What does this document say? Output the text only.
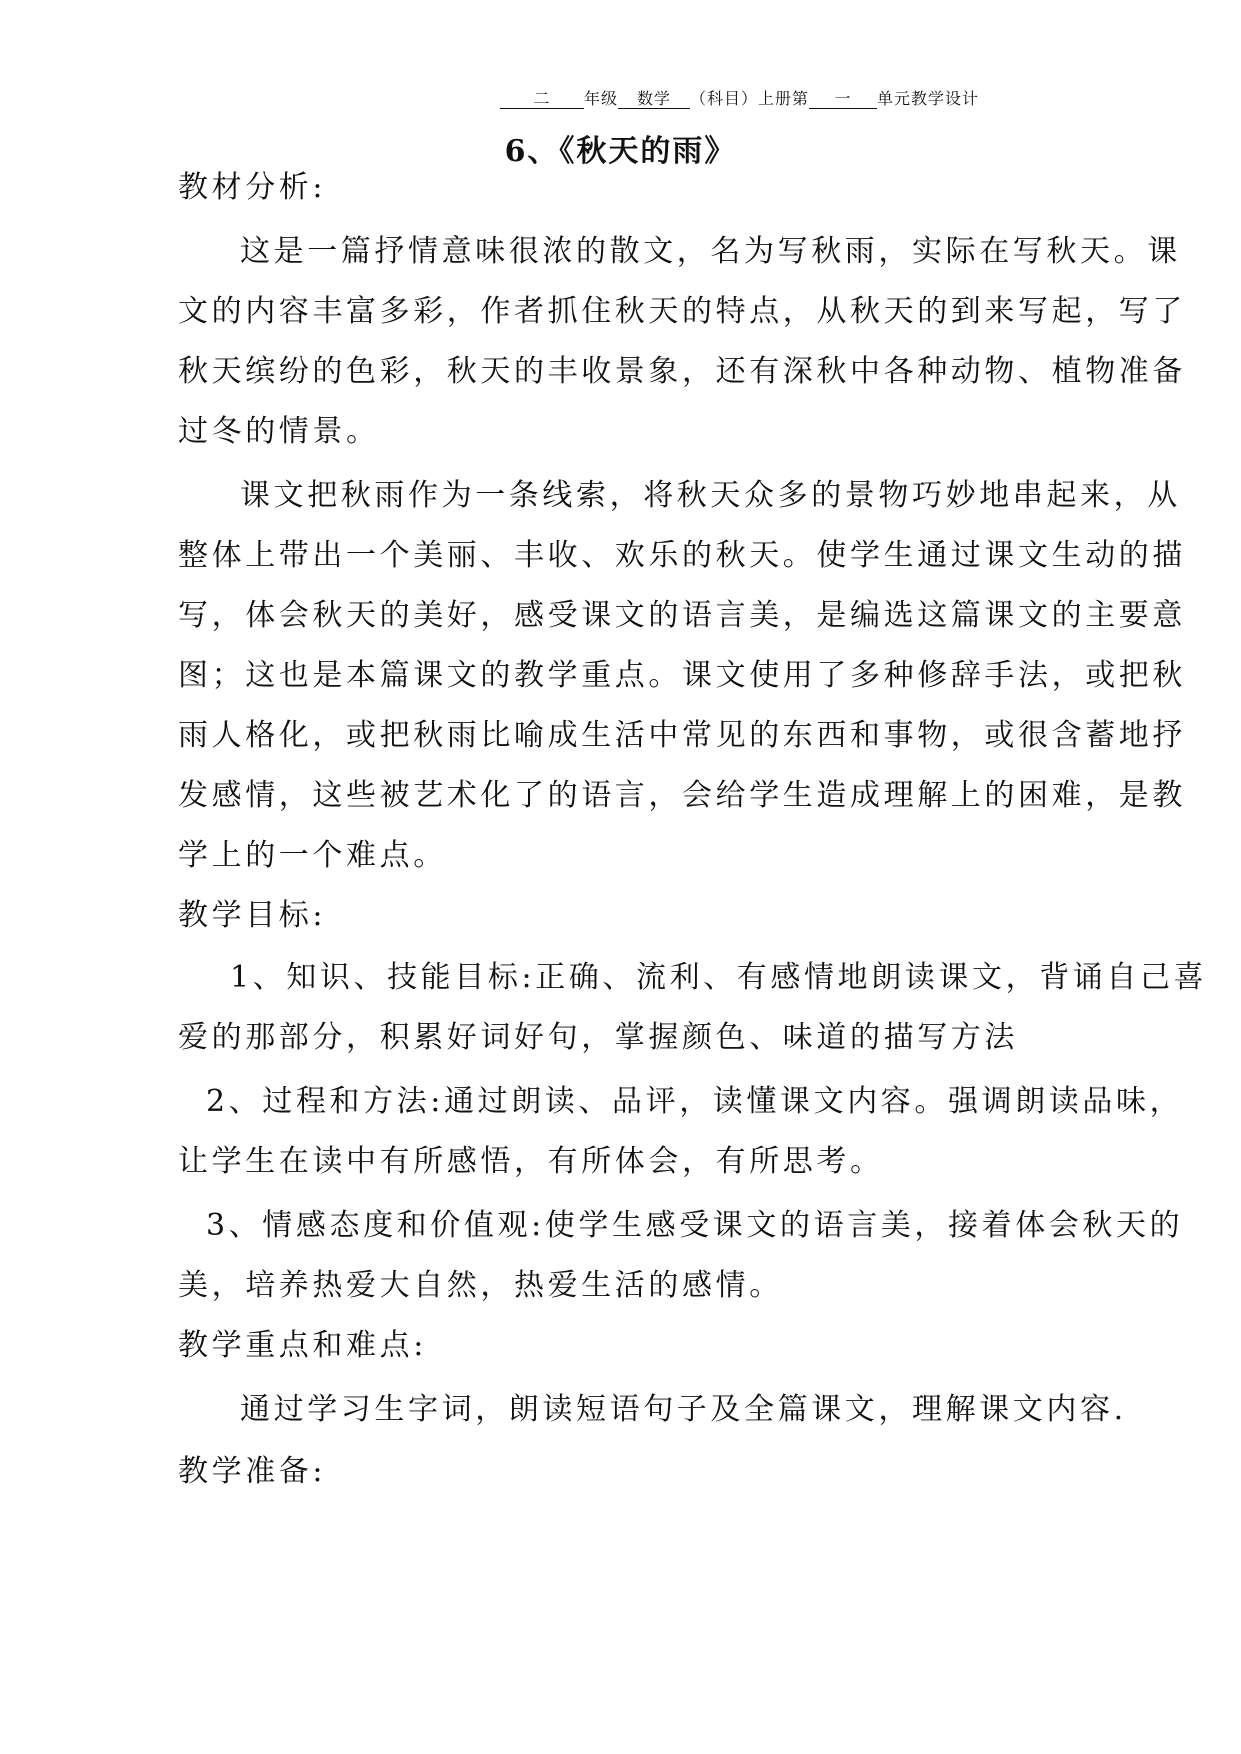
二 年级 数学 （科目）上册第 一 单元教学设计
6、《秋天的雨》
教材分析:
这是一篇抒情意味很浓的散文，名为写秋雨，实际在写秋天。课
文的内容丰富多彩，作者抓住秋天的特点，从秋天的到来写起，写了
秋天缤纷的色彩，秋天的丰收景象，还有深秋中各种动物、植物准备
过冬的情景。
课文把秋雨作为一条线索，将秋天众多的景物巧妙地串起来，从
整体上带出一个美丽、丰收、欢乐的秋天。使学生通过课文生动的描
写，体会秋天的美好，感受课文的语言美，是编选这篇课文的主要意
图；这也是本篇课文的教学重点。课文使用了多种修辞手法，或把秋
雨人格化，或把秋雨比喻成生活中常见的东西和事物，或很含蓄地抒
发感情，这些被艺术化了的语言，会给学生造成理解上的困难，是教
学上的一个难点。
教学目标:
1、知识、技能目标:正确、流利、有感情地朗读课文，背诵自己喜
爱的那部分，积累好词好句，掌握颜色、味道的描写方法
2、过程和方法:通过朗读、品评，读懂课文内容。强调朗读品味，
让学生在读中有所感悟，有所体会，有所思考。
3、情感态度和价值观:使学生感受课文的语言美，接着体会秋天的
美，培养热爱大自然，热爱生活的感情。
教学重点和难点:
通过学习生字词，朗读短语句子及全篇课文，理解课文内容.
教学准备:
